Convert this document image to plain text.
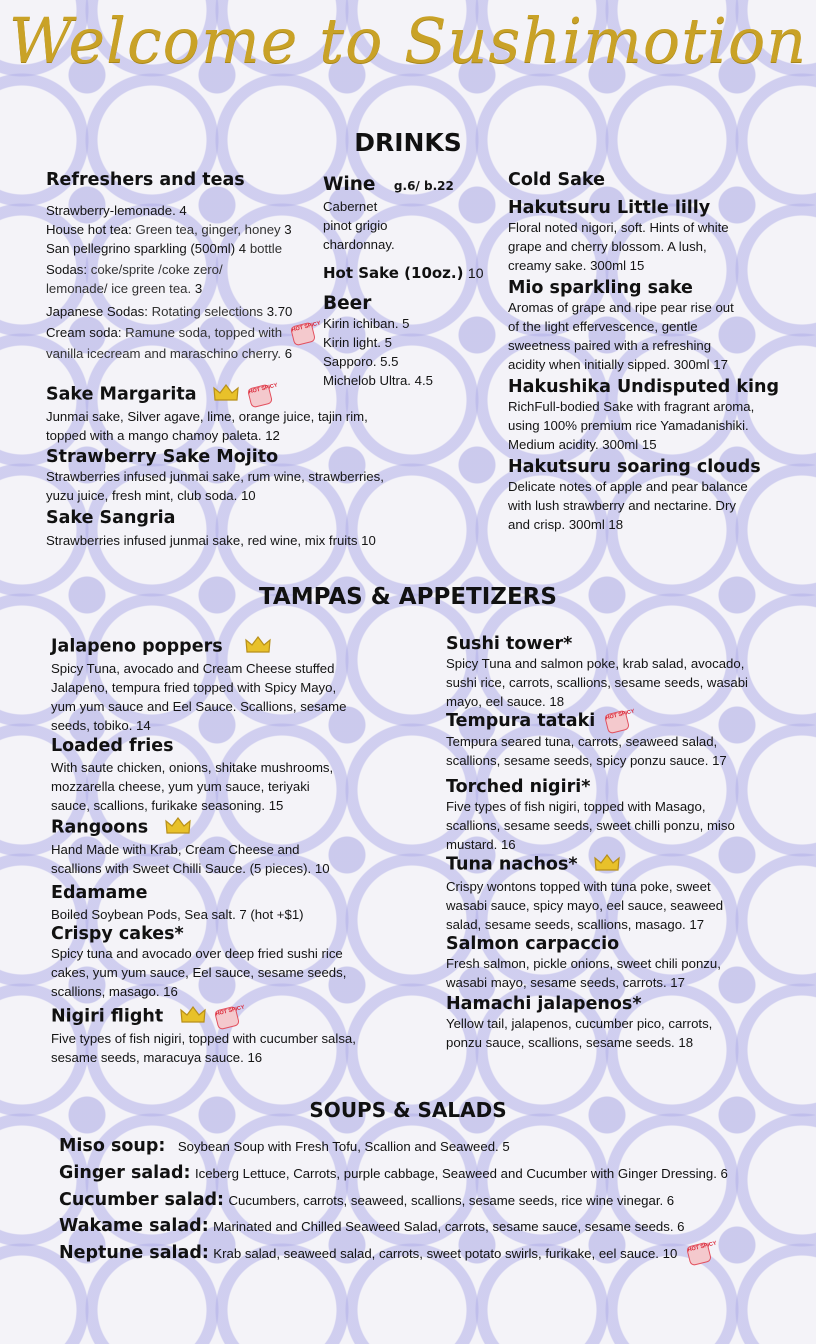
Welcome to Sushimotion
DRINKS
Refreshers and teas
Strawberry-lemonade. 4
House hot tea: Green tea, ginger, honey 3
San pellegrino sparkling (500ml) 4 bottle
Sodas: coke/sprite /coke zero/
lemonade/ ice green tea. 3
Japanese Sodas: Rotating selections 3.70
Cream soda: Ramune soda, topped with HOT SPICY
vanilla icecream and maraschino cherry. 6
Wine g.6/ b.22
Cabernet
pinot grigio
chardonnay.
Hot Sake (10oz.) 10
Beer
Kirin ichiban. 5
Kirin light. 5
Sapporo. 5.5
Michelob Ultra. 4.5
Cold Sake
Hakutsuru Little lilly
Floral noted nigori, soft. Hints of white
grape and cherry blossom. A lush,
creamy sake. 300ml 15
Mio sparkling sake
Aromas of grape and ripe pear rise out
of the light effervescence, gentle
sweetness paired with a refreshing
acidity when initially sipped. 300ml 17
Hakushika Undisputed king
RichFull-bodied Sake with fragrant aroma,
using 100% premium rice Yamadanishiki.
Medium acidity. 300ml 15
Hakutsuru soaring clouds
Delicate notes of apple and pear balance
with lush strawberry and nectarine. Dry
and crisp. 300ml 18
Sake Margarita	HOT SPICY
Junmai sake, Silver agave, lime, orange juice, tajin rim,
topped with a mango chamoy paleta. 12
Strawberry Sake Mojito
Strawberries infused junmai sake, rum wine, strawberries,
yuzu juice, fresh mint, club soda. 10
Sake Sangria
Strawberries infused junmai sake, red wine, mix fruits 10
TAMPAS & APPETIZERS
Jalapeno poppers
Spicy Tuna, avocado and Cream Cheese stuffed
Jalapeno, tempura fried topped with Spicy Mayo,
yum yum sauce and Eel Sauce. Scallions, sesame
seeds, tobiko. 14
Loaded fries
With saute chicken, onions, shitake mushrooms,
mozzarella cheese, yum yum sauce, teriyaki
sauce, scallions, furikake seasoning. 15
Rangoons
Hand Made with Krab, Cream Cheese and
scallions with Sweet Chilli Sauce. (5 pieces). 10
Edamame
Boiled Soybean Pods, Sea salt. 7 (hot +$1)
Crispy cakes*
Spicy tuna and avocado over deep fried sushi rice
cakes, yum yum sauce, Eel sauce, sesame seeds,
scallions, masago. 16
Nigiri flight	HOT SPICY
Five types of fish nigiri, topped with cucumber salsa,
sesame seeds, maracuya sauce. 16
Sushi tower*
Spicy Tuna and salmon poke, krab salad, avocado,
sushi rice, carrots, scallions, sesame seeds, wasabi
mayo, eel sauce. 18
Tempura tataki HOT SPICY
Tempura seared tuna, carrots, seaweed salad,
scallions, sesame seeds, spicy ponzu sauce. 17
Torched nigiri*
Five types of fish nigiri, topped with Masago,
scallions, sesame seeds, sweet chilli ponzu, miso
mustard. 16
Tuna nachos*
Crispy wontons topped with tuna poke, sweet
wasabi sauce, spicy mayo, eel sauce, seaweed
salad, sesame seeds, scallions, masago. 17
Salmon carpaccio
Fresh salmon, pickle onions, sweet chili ponzu,
wasabi mayo, sesame seeds, carrots. 17
Hamachi jalapenos*
Yellow tail, jalapenos, cucumber pico, carrots,
ponzu sauce, scallions, sesame seeds. 18
SOUPS & SALADS
Miso soup: Soybean Soup with Fresh Tofu, Scallion and Seaweed. 5
Ginger salad: Iceberg Lettuce, Carrots, purple cabbage, Seaweed and Cucumber with Ginger Dressing. 6
Cucumber salad: Cucumbers, carrots, seaweed, scallions, sesame seeds, rice wine vinegar. 6
Wakame salad: Marinated and Chilled Seaweed Salad, carrots, sesame sauce, sesame seeds. 6
Neptune salad: Krab salad, seaweed salad, carrots, sweet potato swirls, furikake, eel sauce. 10 HOT SPICY
